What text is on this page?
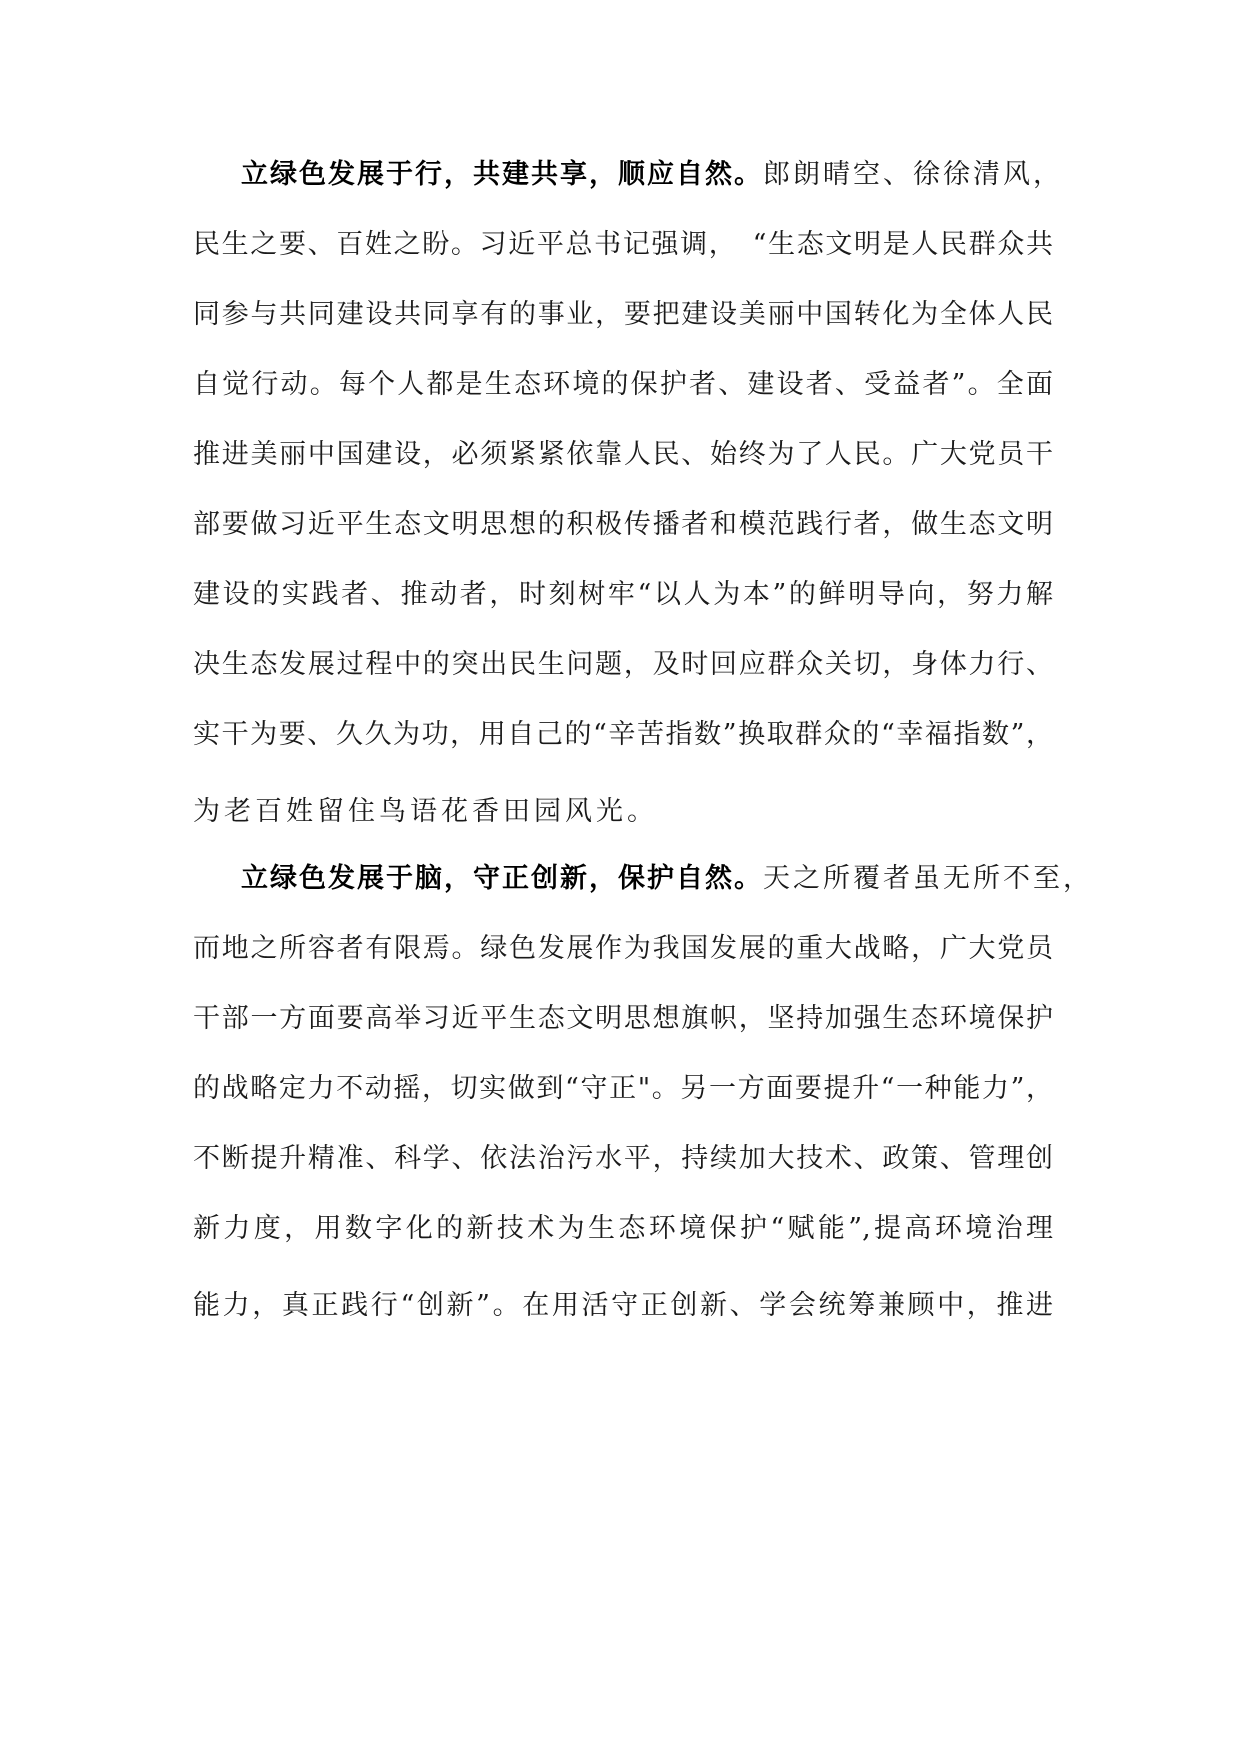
立绿色发展于行，共建共享，顺应自然。郎朗晴空、徐徐清风，
民生之要、百姓之盼。习近平总书记强调，　“生态文明是人民群众共
同参与共同建设共同享有的事业，要把建设美丽中国转化为全体人民
自觉行动。每个人都是生态环境的保护者、建设者、受益者”。全面
推进美丽中国建设，必须紧紧依靠人民、始终为了人民。广大党员干
部要做习近平生态文明思想的积极传播者和模范践行者，做生态文明
建设的实践者、推动者，时刻树牢“以人为本”的鲜明导向，努力解
决生态发展过程中的突出民生问题，及时回应群众关切，身体力行、
实干为要、久久为功，用自己的“辛苦指数”换取群众的“幸福指数”，
为老百姓留住鸟语花香田园风光。
立绿色发展于脑，守正创新，保护自然。天之所覆者虽无所不至，
而地之所容者有限焉。绿色发展作为我国发展的重大战略，广大党员
干部一方面要高举习近平生态文明思想旗帜，坚持加强生态环境保护
的战略定力不动摇，切实做到“守正"。另一方面要提升“一种能力”，
不断提升精准、科学、依法治污水平，持续加大技术、政策、管理创
新力度，用数字化的新技术为生态环境保护“赋能”,提高环境治理
能力，真正践行“创新”。在用活守正创新、学会统筹兼顾中，推进
